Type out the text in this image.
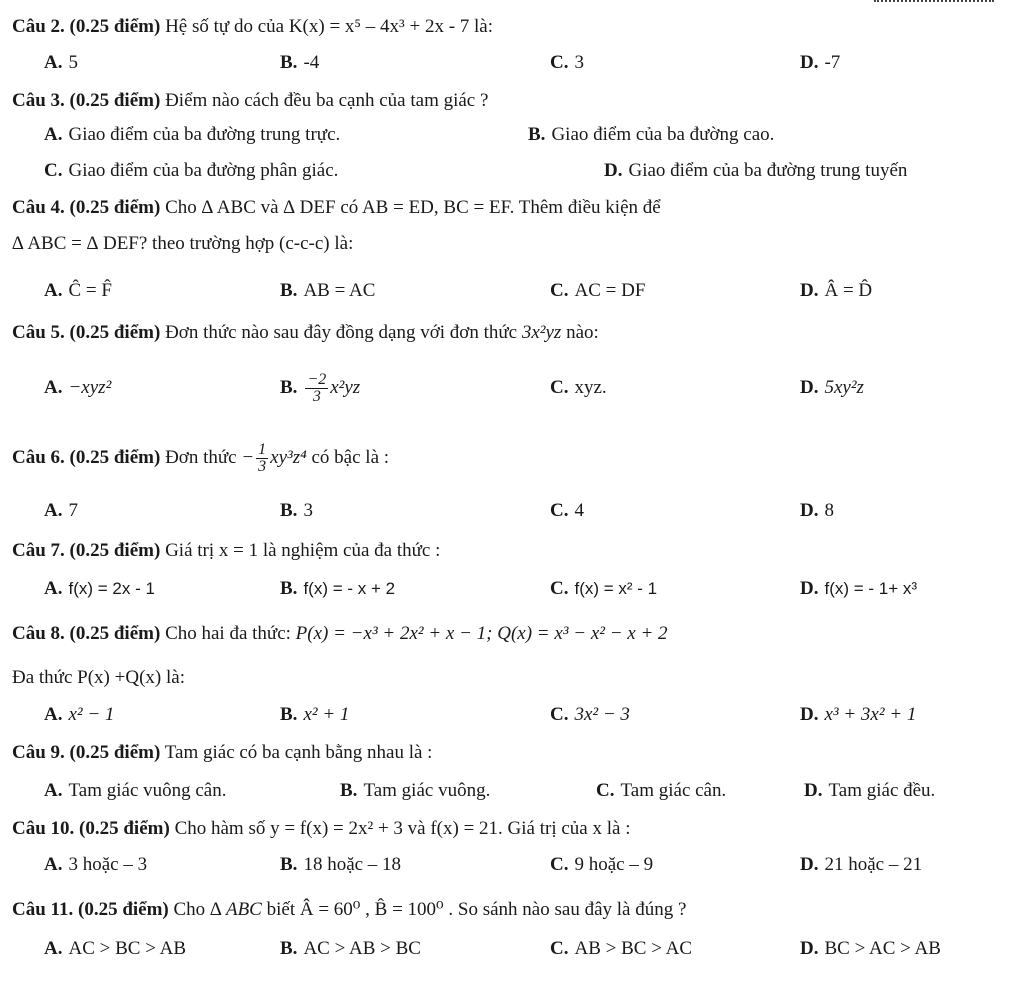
Câu 2. (0.25 điểm) Hệ số tự do của K(x) = x⁵ – 4x³ + 2x - 7 là:
A. 5	B. -4	C. 3	D. -7
Câu 3. (0.25 điểm) Điểm nào cách đều ba cạnh của tam giác ?
A. Giao điểm của ba đường trung trực.	B. Giao điểm của ba đường cao.
C. Giao điểm của ba đường phân giác.	D. Giao điểm của ba đường trung tuyến
Câu 4. (0.25 điểm) Cho ∆ ABC và ∆ DEF có AB = ED, BC = EF. Thêm điều kiện để
∆ ABC = ∆ DEF? theo trường hợp (c-c-c) là:
A. Ĉ = F̂	B. AB = AC	C. AC = DF	D. Â = D̂
Câu 5. (0.25 điểm) Đơn thức nào sau đây đồng dạng với đơn thức 3x²yz nào:
A. −xyz²	B. $\frac{-2}{3} x^2yz$	C. xyz.	D. 5xy²z
Câu 6. (0.25 điểm) Đơn thức − $\frac{1}{3} xy^3z^4$ có bậc là :
A. 7	B. 3	C. 4	D. 8
Câu 7. (0.25 điểm) Giá trị x = 1 là nghiệm của đa thức :
A. f(x) = 2x - 1	B. f(x) = - x + 2	C. f(x) = x² - 1	D. f(x) = - 1+ x³
Câu 8. (0.25 điểm) Cho hai đa thức: P(x) = −x³ + 2x² + x − 1; Q(x) = x³ − x² − x + 2
Đa thức P(x) +Q(x) là:
A. x² − 1	B. x² + 1	C. 3x² − 3	D. x³ + 3x² + 1
Câu 9. (0.25 điểm) Tam giác có ba cạnh bằng nhau là :
A. Tam giác vuông cân.	B. Tam giác vuông.	C. Tam giác cân.	D. Tam giác đều.
Câu 10. (0.25 điểm) Cho hàm số y = f(x) = 2x² + 3 và f(x) = 21. Giá trị của x là :
A. 3 hoặc – 3	B. 18 hoặc – 18	C. 9 hoặc – 9	D. 21 hoặc – 21
Câu 11. (0.25 điểm) Cho ∆ ABC biết Â = 60⁰ , B̂ = 100⁰ . So sánh nào sau đây là đúng ?
A. AC > BC > AB	B. AC > AB > BC	C. AB > BC > AC	D. BC > AC > AB
